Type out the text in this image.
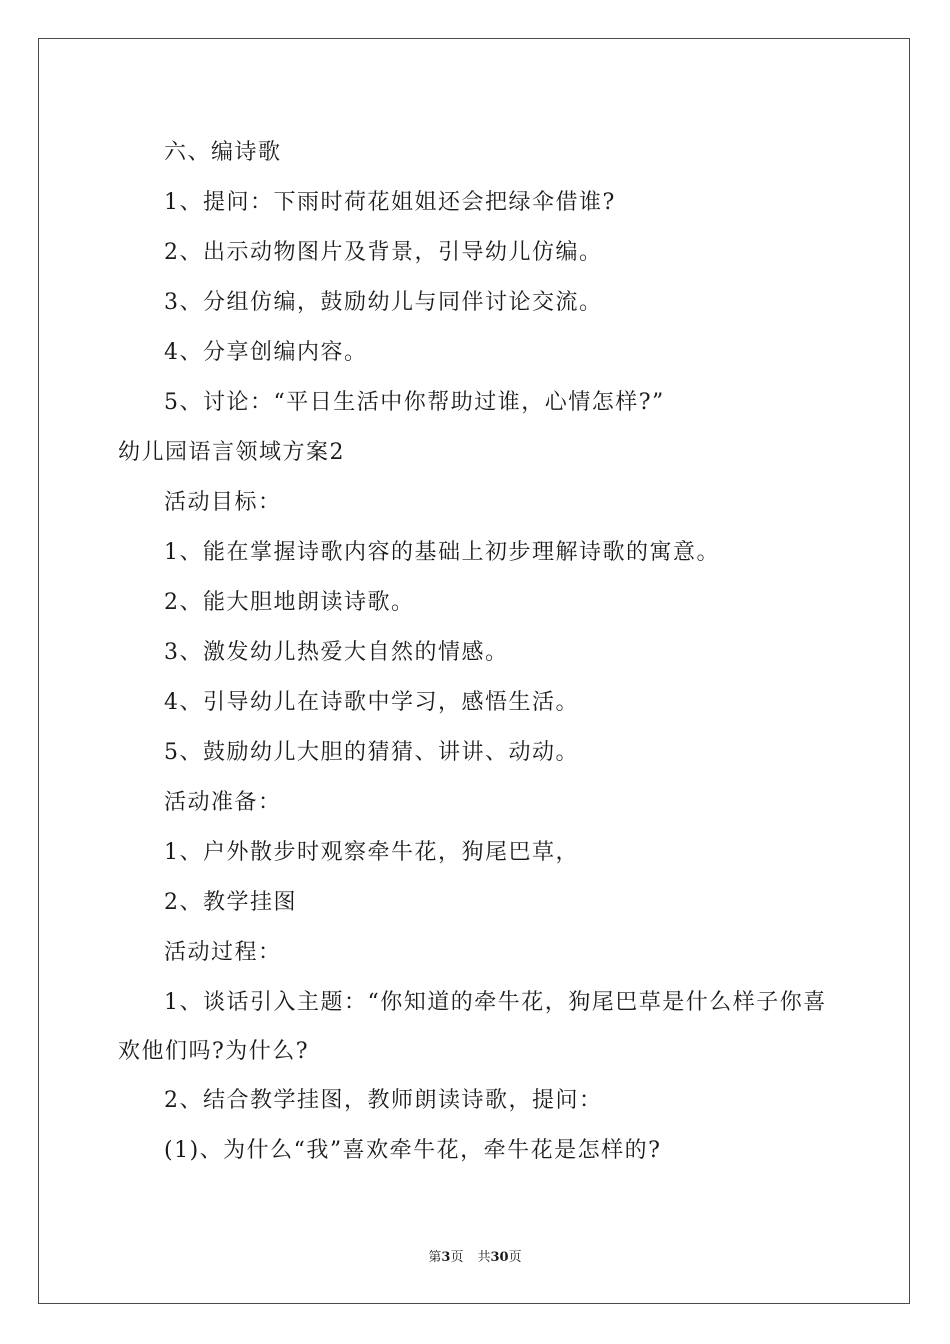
六、编诗歌

1、提问：下雨时荷花姐姐还会把绿伞借谁?

2、出示动物图片及背景，引导幼儿仿编。

3、分组仿编，鼓励幼儿与同伴讨论交流。

4、分享创编内容。

5、讨论：“平日生活中你帮助过谁，心情怎样?”

幼儿园语言领域方案2

活动目标：

1、能在掌握诗歌内容的基础上初步理解诗歌的寓意。

2、能大胆地朗读诗歌。

3、激发幼儿热爱大自然的情感。

4、引导幼儿在诗歌中学习，感悟生活。

5、鼓励幼儿大胆的猜猜、讲讲、动动。

活动准备：

1、户外散步时观察牵牛花，狗尾巴草，

2、教学挂图

活动过程：

1、谈话引入主题：“你知道的牵牛花，狗尾巴草是什么样子你喜欢他们吗?为什么?

2、结合教学挂图，教师朗读诗歌，提问：

(1)、为什么“我”喜欢牵牛花，牵牛花是怎样的?

第3页 共30页
